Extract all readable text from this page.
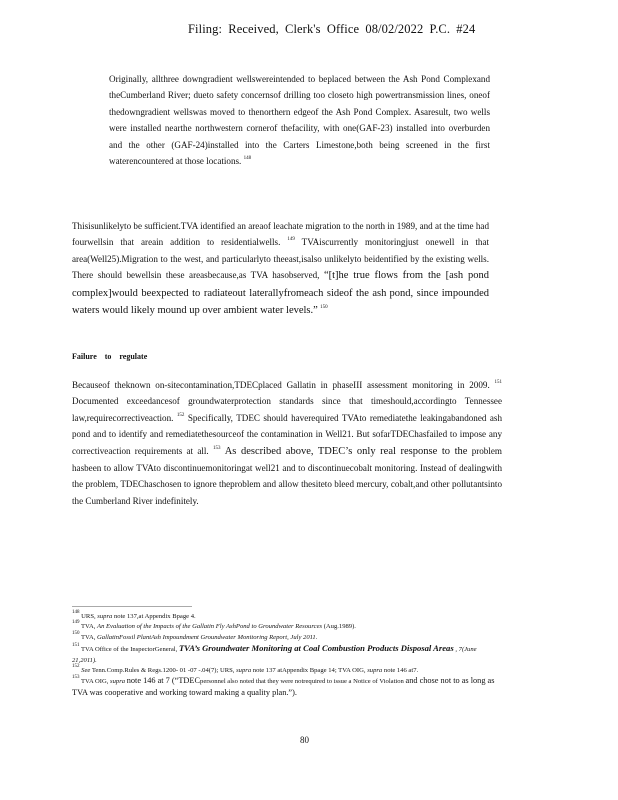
Filing: Received, Clerk's Office 08/02/2022 P.C. #24
Originally, allthree downgradient wellswereintended to beplaced between the Ash Pond Complexand theCumberland River; dueto safety concernsof drilling too closeto high powertransmission lines, oneof thedowngradient wellswas moved to thenorthern edgeof the Ash Pond Complex. Asaresult, two wells were installed nearthe northwestern cornerof thefacility, with one(GAF-23) installed into overburden and the other (GAF-24)installed into the Carters Limestone,both being screened in the first waterencountered at those locations. $^{148}$
Thisisunlikelyto be sufficient.TVA identified an areaof leachate migration to the north in 1989, and at the time had fourwellsin that areain addition to residentialwells. $^{149}$ TVAiscurrently monitoringjust onewell in that area(Well25).Migration to the west, and particularlyto theeast,isalso unlikelyto beidentified by the existing wells. There should bewellsin these areasbecause,as TVA hasobserved, “[t]he true flows from the [ash pond complex]would beexpected to radiateout laterallyfromeach sideof the ash pond, since impounded waters would likely mound up over ambient water levels.” $^{150}$
Failure to regulate
Becauseof theknown on-sitecontamination,TDECplaced Gallatin in phaseIII assessment monitoring in 2009. $^{151}$ Documented exceedancesof groundwaterprotection standards since that timeshould,accordingto Tennessee law,requirecorrectiveaction. $^{152}$ Specifically, TDEC should haverequired TVAto remediatethe leakingabandoned ash pond and to identify and remediatethesourceof the contamination in Well21. But sofarTDEChasfailed to impose any correctiveaction requirements at all. $^{153}$ As described above, TDEC’s only real response to the problem hasbeen to allow TVAto discontinuemonitoringat well21 and to discontinuecobalt monitoring. Instead of dealingwith the problem, TDEChaschosen to ignore theproblem and allow thesiteto bleed mercury, cobalt,and other pollutantsinto the Cumberland River indefinitely.

$^{148}$ URS, supra note 137,at Appendix Bpage 4.

$^{149}$ TVA, An Evaluation of the Impacts of the Gallatin Fly AshPond to Groundwater Resources (Aug.1989).

$^{150}$ TVA, GallatinFossil PlantAsh Impoundment Groundwater Monitoring Report, July 2011.

$^{151}$ TVA Office of the InspectorGeneral, TVA’s Groundwater Monitoring at Coal Combustion Products Disposal Areas , 7(June 21,2011).

$^{152}$ See Tenn.Comp.Rules & Regs.1200- 01 -07 -.04(7); URS, supra note 137 atAppendix Bpage 14; TVA OIG, supra note 146 at7.

$^{153}$ TVA OIG, supra note 146 at 7 (“TDECpersonnel also noted that they were notrequired to issue a Notice of Violation and chose not to as long as TVA was cooperative and working toward making a quality plan.”).

80
